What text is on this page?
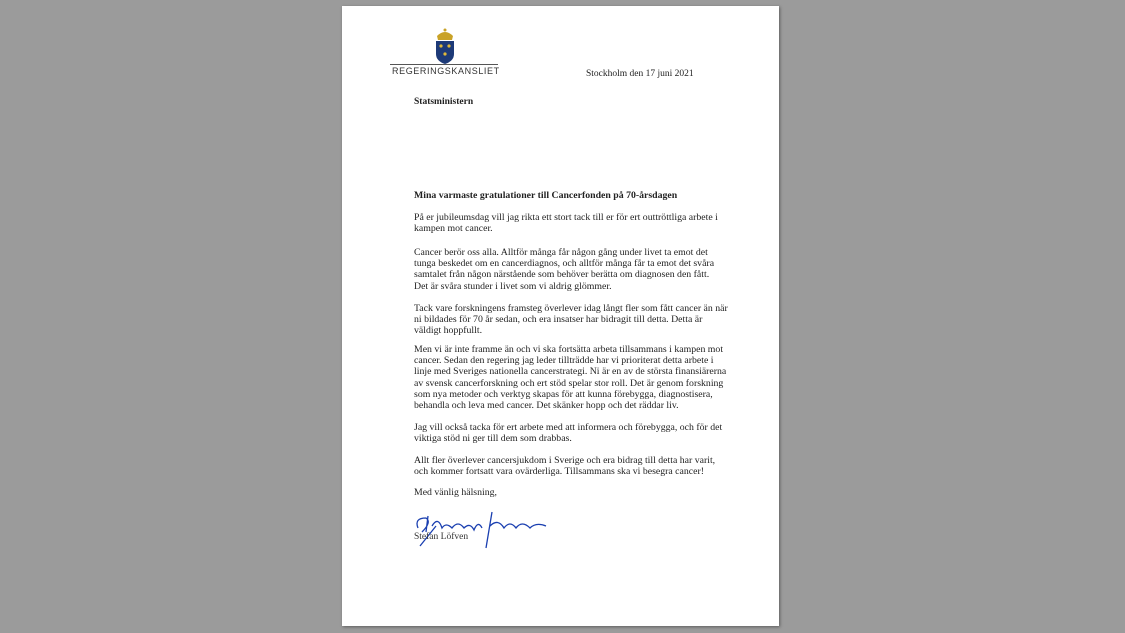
REGERINGSKANSLIET	Stockholm den 17 juni 2021
Statsministern
Mina varmaste gratulationer till Cancerfonden på 70-årsdagen
På er jubileumsdag vill jag rikta ett stort tack till er för ert outtröttliga arbete i
kampen mot cancer.
Cancer berör oss alla. Alltför många får någon gång under livet ta emot det
tunga beskedet om en cancerdiagnos, och alltför många får ta emot det svåra
samtalet från någon närstående som behöver berätta om diagnosen den fått.
Det är svåra stunder i livet som vi aldrig glömmer.
Tack vare forskningens framsteg överlever idag långt fler som fått cancer än när
ni bildades för 70 år sedan, och era insatser har bidragit till detta. Detta är
väldigt hoppfullt.
Men vi är inte framme än och vi ska fortsätta arbeta tillsammans i kampen mot
cancer. Sedan den regering jag leder tillträdde har vi prioriterat detta arbete i
linje med Sveriges nationella cancerstrategi. Ni är en av de största finansiärerna
av svensk cancerforskning och ert stöd spelar stor roll. Det är genom forskning
som nya metoder och verktyg skapas för att kunna förebygga, diagnostisera,
behandla och leva med cancer. Det skänker hopp och det räddar liv.
Jag vill också tacka för ert arbete med att informera och förebygga, och för det
viktiga stöd ni ger till dem som drabbas.
Allt fler överlever cancersjukdom i Sverige och era bidrag till detta har varit,
och kommer fortsatt vara ovärderliga. Tillsammans ska vi besegra cancer!
Med vänlig hälsning,
Stefan Löfven
